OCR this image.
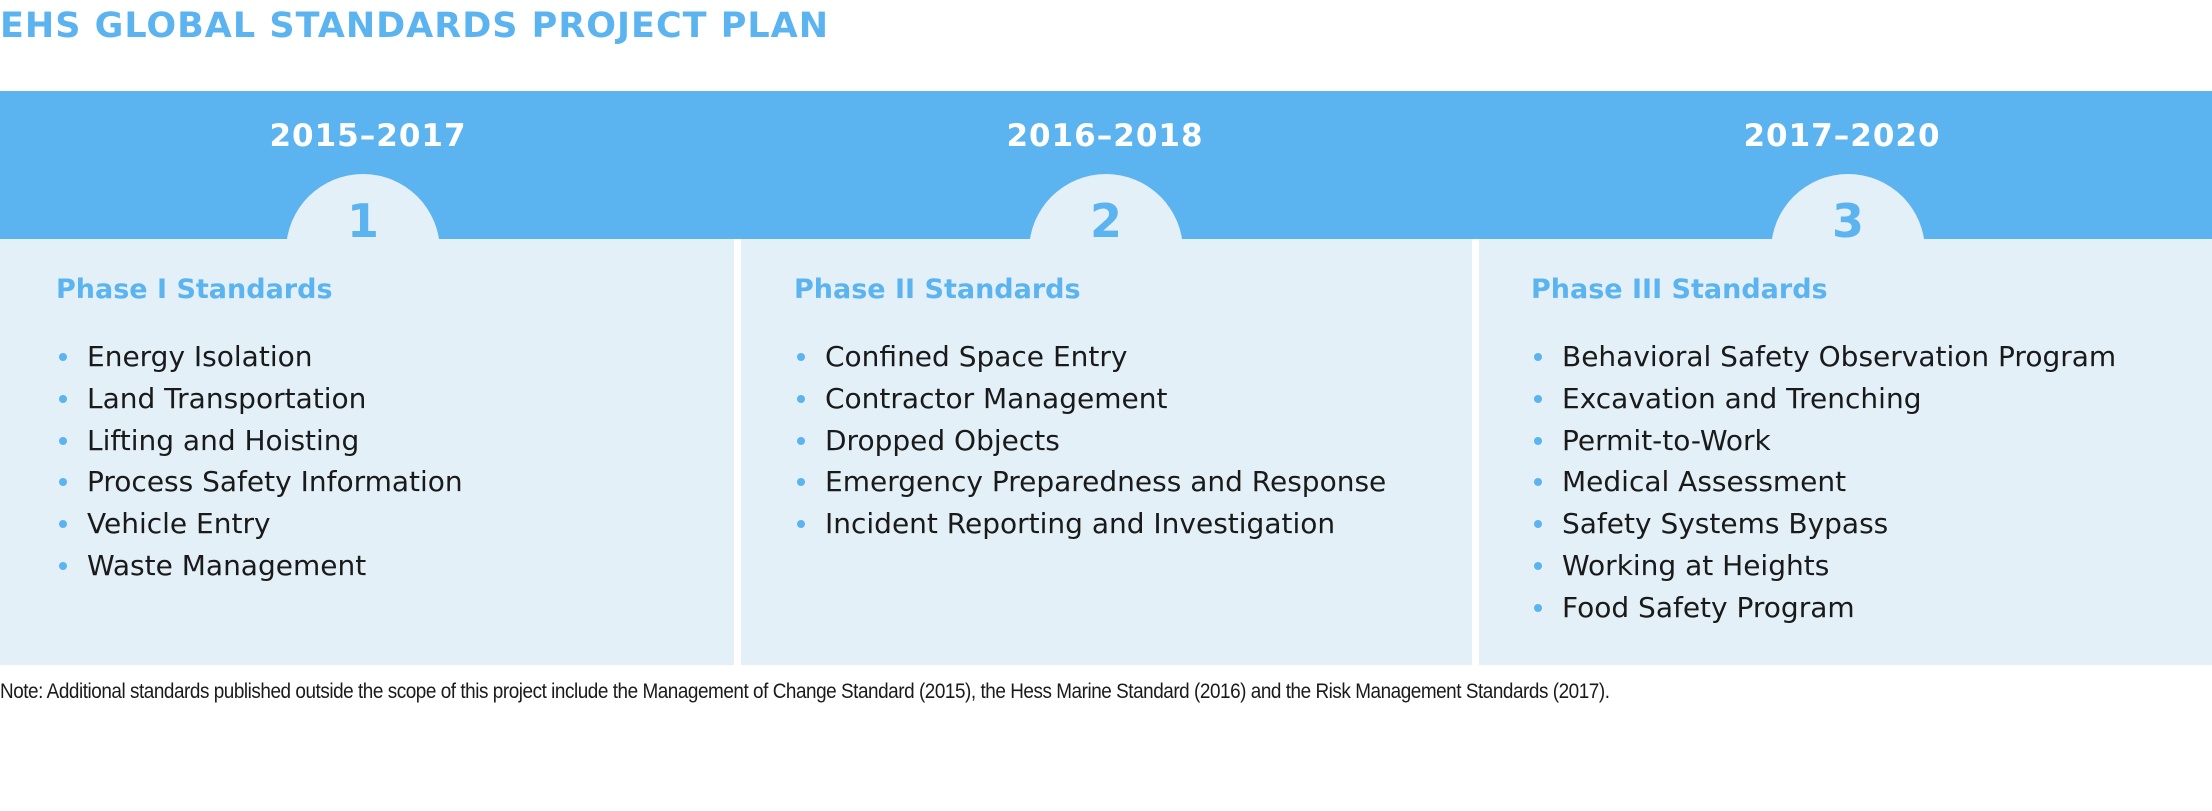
EHS GLOBAL STANDARDS PROJECT PLAN
2015–2017
1
Phase I Standards
Energy Isolation
Land Transportation
Lifting and Hoisting
Process Safety Information
Vehicle Entry
Waste Management
2016–2018
2
Phase II Standards
Confined Space Entry
Contractor Management
Dropped Objects
Emergency Preparedness and Response
Incident Reporting and Investigation
2017–2020
3
Phase III Standards
Behavioral Safety Observation Program
Excavation and Trenching
Permit-to-Work
Medical Assessment
Safety Systems Bypass
Working at Heights
Food Safety Program
Note: Additional standards published outside the scope of this project include the Management of Change Standard (2015), the Hess Marine Standard (2016) and the Risk Management Standards (2017).
